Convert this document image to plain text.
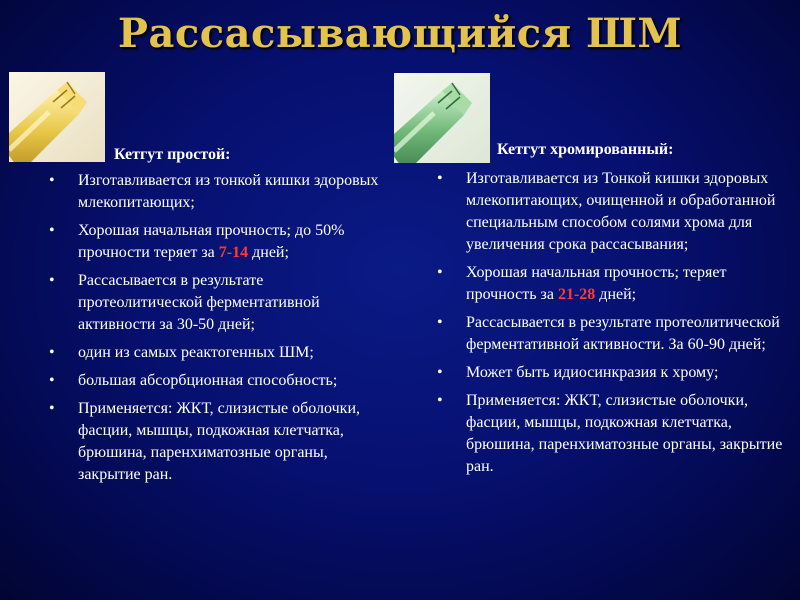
Рассасывающийся ШМ
Кетгут простой:	Кетгут хромированный:
• Изготавливается из тонкой кишки здоровых млекопитающих;
• Хорошая начальная прочность; до 50% прочности теряет за 7-14 дней;
• Рассасывается в результате протеолитической ферментативной активности за 30-50 дней;
• один из самых реактогенных ШМ;
• большая абсорбционная способность;
• Применяется: ЖКТ, слизистые оболочки, фасции, мышцы, подкожная клетчатка, брюшина, паренхиматозные органы, закрытие ран.
• Изготавливается из Тонкой кишки здоровых млекопитающих, очищенной и обработанной специальным способом солями хрома для увеличения срока рассасывания;
• Хорошая начальная прочность; теряет прочность за 21-28 дней;
• Рассасывается в результате протеолитической ферментативной активности. За 60-90 дней;
• Может быть идиосинкразия к хрому;
• Применяется: ЖКТ, слизистые оболочки, фасции, мышцы, подкожная клетчатка, брюшина, паренхиматозные органы, закрытие ран.
